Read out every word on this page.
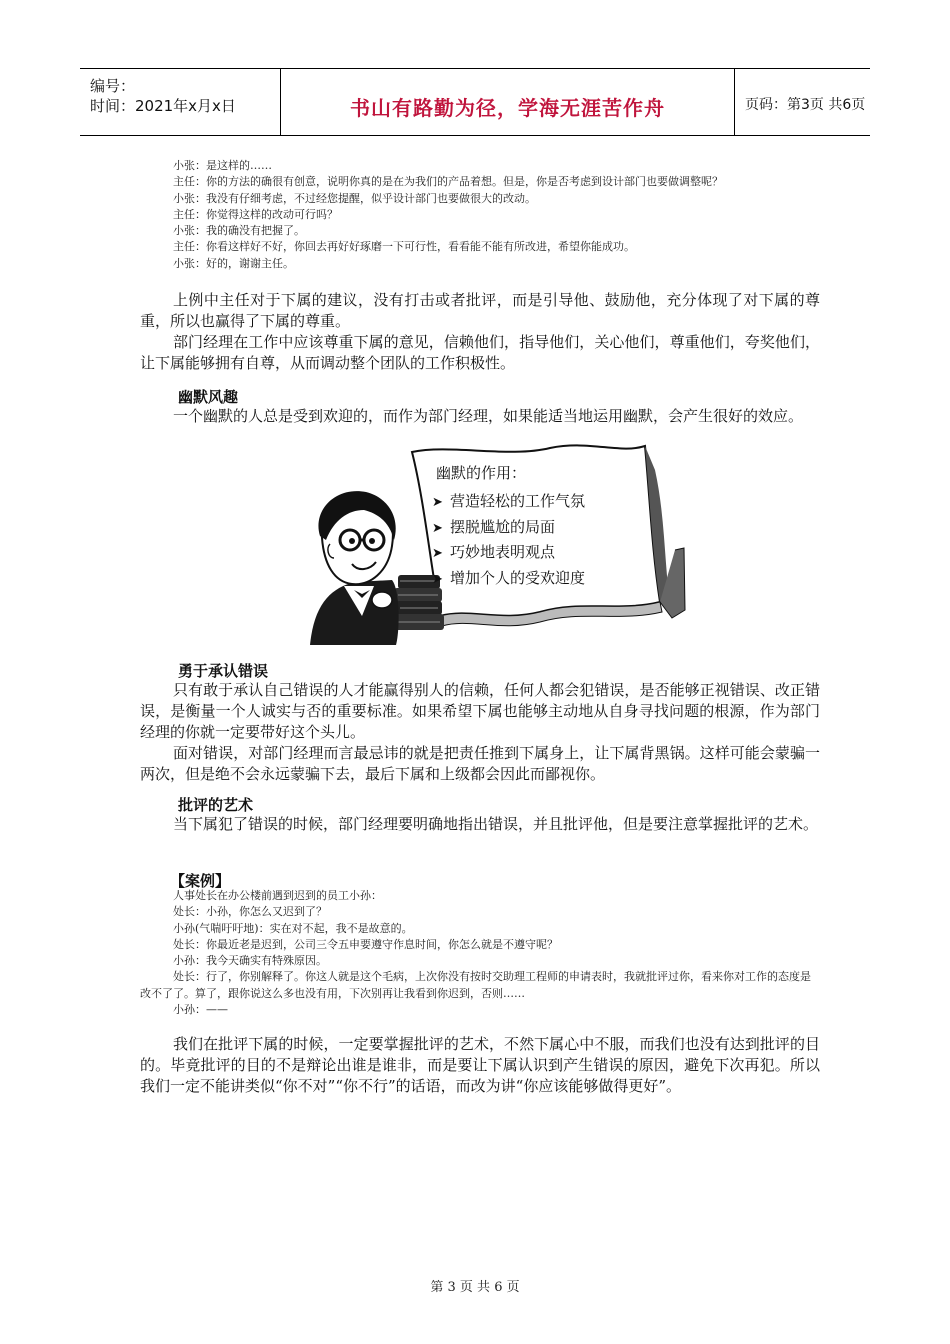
编号：
时间：2021年x月x日	书山有路勤为径，学海无涯苦作舟	页码：第3页 共6页

小张：是这样的……

主任：你的方法的确很有创意，说明你真的是在为我们的产品着想。但是，你是否考虑到设计部门也要做调整呢？

小张：我没有仔细考虑，不过经您提醒，似乎设计部门也要做很大的改动。

主任：你觉得这样的改动可行吗？

小张：我的确没有把握了。

主任：你看这样好不好，你回去再好好琢磨一下可行性，看看能不能有所改进，希望你能成功。

小张：好的，谢谢主任。

上例中主任对于下属的建议，没有打击或者批评，而是引导他、鼓励他，充分体现了对下属的尊重，所以也赢得了下属的尊重。

部门经理在工作中应该尊重下属的意见，信赖他们，指导他们，关心他们，尊重他们，夸奖他们，让下属能够拥有自尊，从而调动整个团队的工作积极性。

幽默风趣

一个幽默的人总是受到欢迎的，而作为部门经理，如果能适当地运用幽默，会产生很好的效应。

幽默的作用：
➤ 营造轻松的工作气氛
➤ 摆脱尴尬的局面
➤ 巧妙地表明观点
➤ 增加个人的受欢迎度
勇于承认错误

只有敢于承认自己错误的人才能赢得别人的信赖，任何人都会犯错误，是否能够正视错误、改正错误，是衡量一个人诚实与否的重要标准。如果希望下属也能够主动地从自身寻找问题的根源，作为部门经理的你就一定要带好这个头儿。

面对错误，对部门经理而言最忌讳的就是把责任推到下属身上，让下属背黑锅。这样可能会蒙骗一两次，但是绝不会永远蒙骗下去，最后下属和上级都会因此而鄙视你。

批评的艺术

当下属犯了错误的时候，部门经理要明确地指出错误，并且批评他，但是要注意掌握批评的艺术。

【案例】

人事处长在办公楼前遇到迟到的员工小孙：

处长：小孙，你怎么又迟到了？

小孙(气喘吁吁地)：实在对不起，我不是故意的。

处长：你最近老是迟到，公司三令五申要遵守作息时间，你怎么就是不遵守呢？

小孙：我今天确实有特殊原因。

处长：行了，你别解释了。你这人就是这个毛病，上次你没有按时交助理工程师的申请表时，我就批评过你，看来你对工作的态度是改不了了。算了，跟你说这么多也没有用，下次别再让我看到你迟到，否则……

小孙：——

我们在批评下属的时候，一定要掌握批评的艺术，不然下属心中不服，而我们也没有达到批评的目的。毕竟批评的目的不是辩论出谁是谁非，而是要让下属认识到产生错误的原因，避免下次再犯。所以我们一定不能讲类似“你不对”“你不行”的话语，而改为讲“你应该能够做得更好”。

第 3 页 共 6 页
